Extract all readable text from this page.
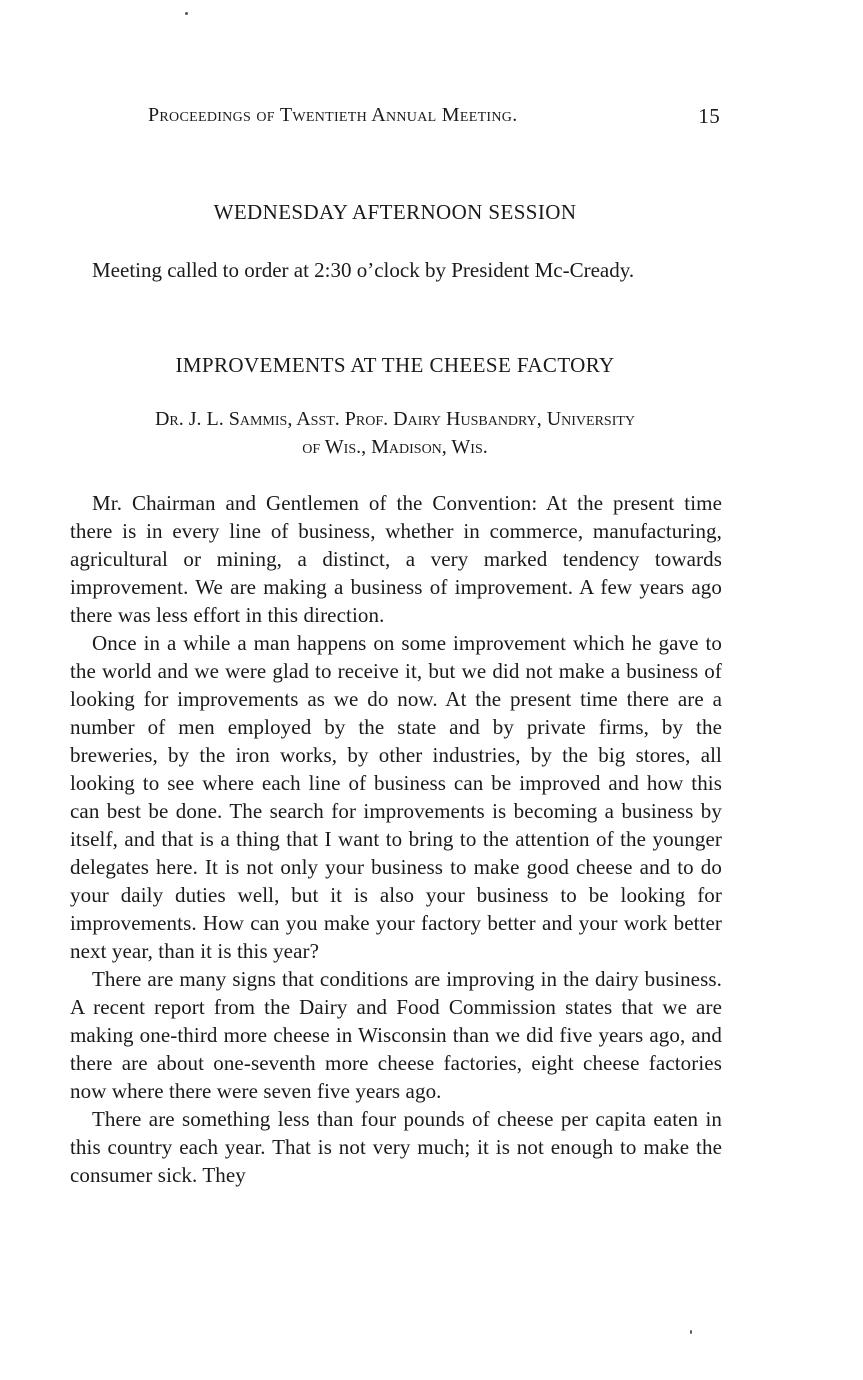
Proceedings of Twentieth Annual Meeting.	15
WEDNESDAY AFTERNOON SESSION
Meeting called to order at 2:30 o’clock by President Mc-Cready.
IMPROVEMENTS AT THE CHEESE FACTORY
Dr. J. L. Sammis, Asst. Prof. Dairy Husbandry, University
of Wis., Madison, Wis.

Mr. Chairman and Gentlemen of the Convention: At the present time there is in every line of business, whether in commerce, manufacturing, agricultural or mining, a distinct, a very marked tendency towards improvement. We are making a business of improvement. A few years ago there was less effort in this direction.

Once in a while a man happens on some improvement which he gave to the world and we were glad to receive it, but we did not make a business of looking for improvements as we do now. At the present time there are a number of men employed by the state and by private firms, by the breweries, by the iron works, by other industries, by the big stores, all looking to see where each line of business can be improved and how this can best be done. The search for improvements is becoming a business by itself, and that is a thing that I want to bring to the attention of the younger delegates here. It is not only your business to make good cheese and to do your daily duties well, but it is also your business to be looking for improvements. How can you make your factory better and your work better next year, than it is this year?

There are many signs that conditions are improving in the dairy business. A recent report from the Dairy and Food Commission states that we are making one-third more cheese in Wisconsin than we did five years ago, and there are about one-seventh more cheese factories, eight cheese factories now where there were seven five years ago.

There are something less than four pounds of cheese per capita eaten in this country each year. That is not very much; it is not enough to make the consumer sick. They
